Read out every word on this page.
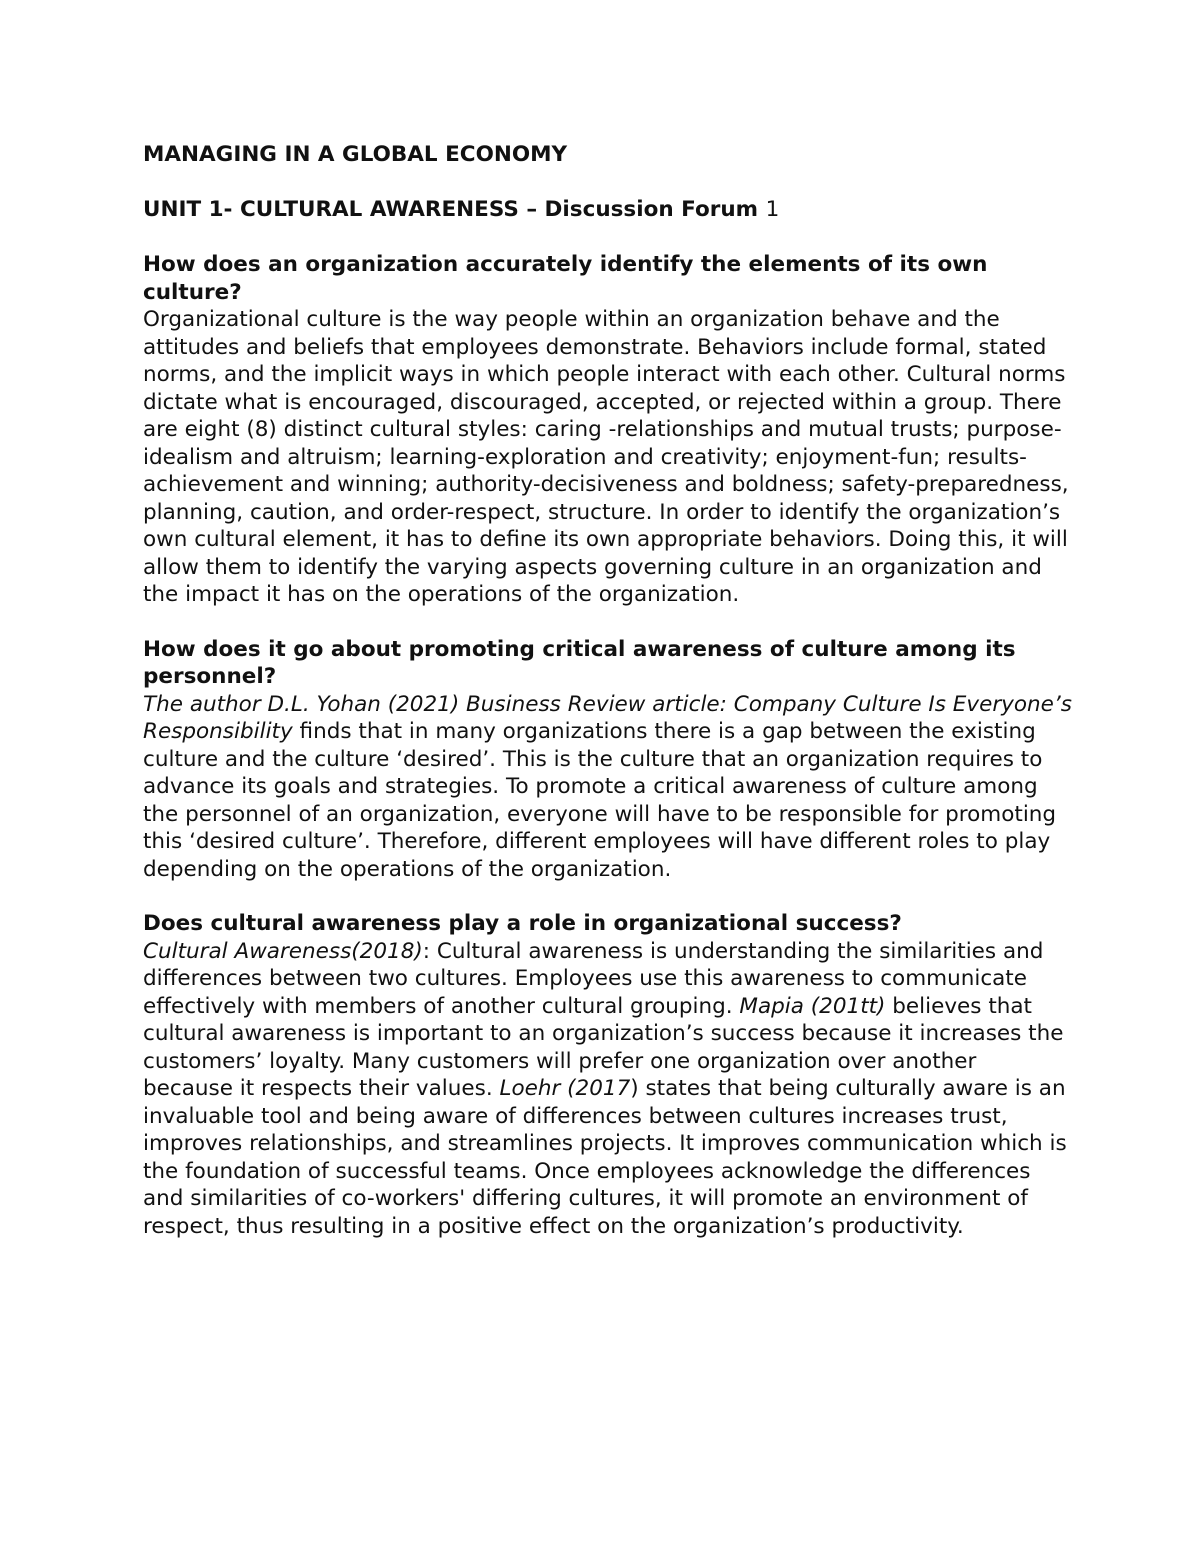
MANAGING IN A GLOBAL ECONOMY
UNIT 1- CULTURAL AWARENESS – Discussion Forum 1

How does an organization accurately identify the elements of its own culture?

Organizational culture is the way people within an organization behave and the attitudes and beliefs that employees demonstrate. Behaviors include formal, stated norms, and the implicit ways in which people interact with each other. Cultural norms dictate what is encouraged, discouraged, accepted, or rejected within a group. There are eight (8) distinct cultural styles: caring -relationships and mutual trusts; purpose-idealism and altruism; learning-exploration and creativity; enjoyment-fun; results-achievement and winning; authority-decisiveness and boldness; safety-preparedness, planning, caution, and order-respect, structure. In order to identify the organization’s own cultural element, it has to define its own appropriate behaviors. Doing this, it will allow them to identify the varying aspects governing culture in an organization and the impact it has on the operations of the organization.

How does it go about promoting critical awareness of culture among its personnel?

The author D.L. Yohan (2021) Business Review article: Company Culture Is Everyone’s Responsibility finds that in many organizations there is a gap between the existing culture and the culture ‘desired’. This is the culture that an organization requires to advance its goals and strategies. To promote a critical awareness of culture among the personnel of an organization, everyone will have to be responsible for promoting this ‘desired culture’. Therefore, different employees will have different roles to play depending on the operations of the organization.

Does cultural awareness play a role in organizational success?

Cultural Awareness(2018): Cultural awareness is understanding the similarities and differences between two cultures. Employees use this awareness to communicate effectively with members of another cultural grouping. Mapia (201tt) believes that cultural awareness is important to an organization’s success because it increases the customers’ loyalty. Many customers will prefer one organization over another because it respects their values. Loehr (2017) states that being culturally aware is an invaluable tool and being aware of differences between cultures increases trust, improves relationships, and streamlines projects. It improves communication which is the foundation of successful teams. Once employees acknowledge the differences and similarities of co-workers' differing cultures, it will promote an environment of respect, thus resulting in a positive effect on the organization’s productivity.
